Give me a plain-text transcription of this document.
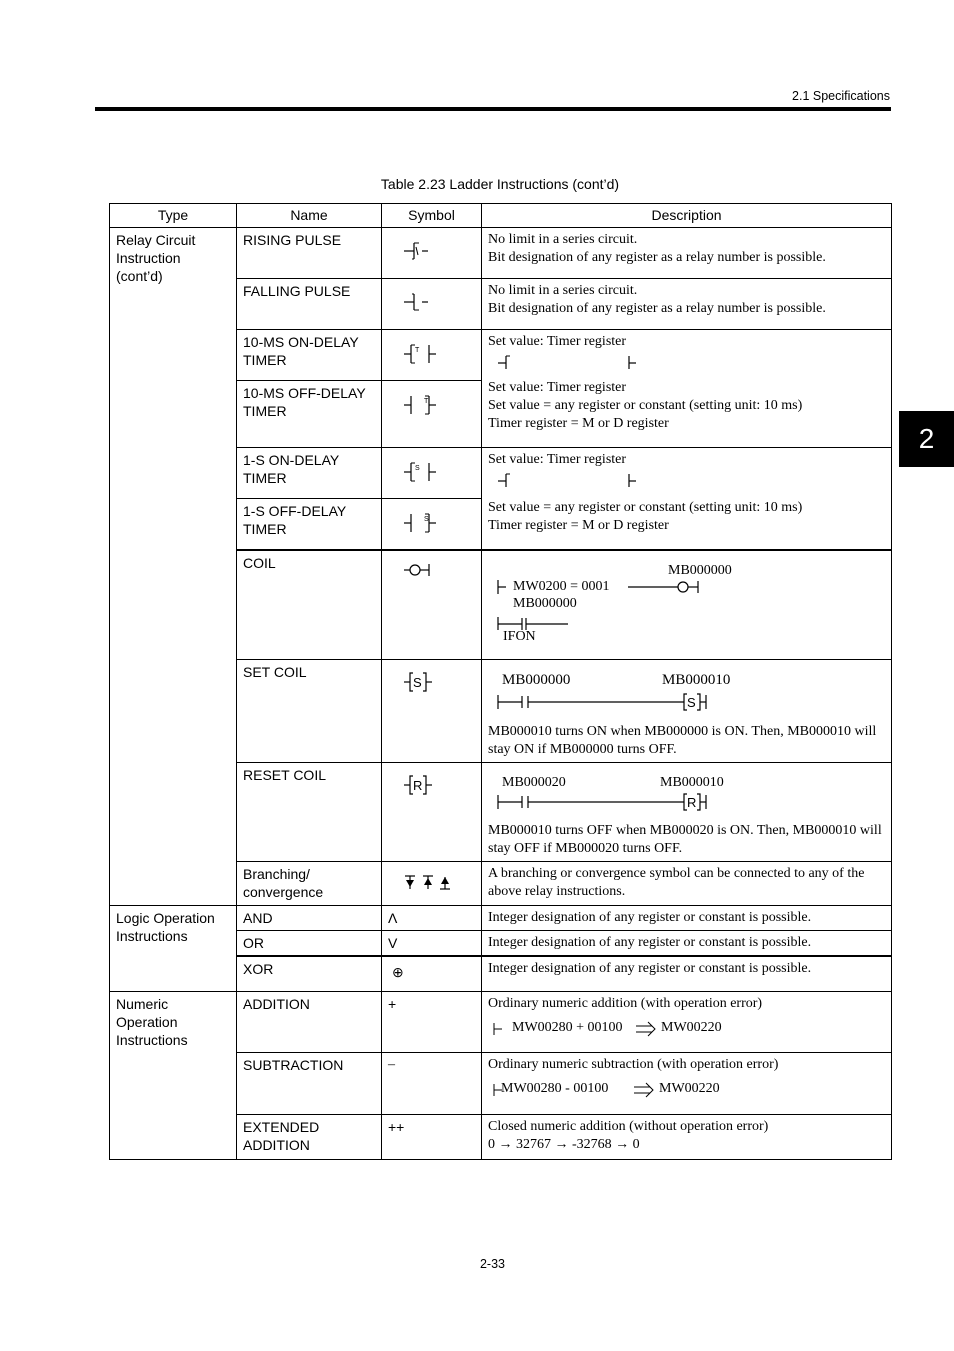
2.1 Specifications
2
Table 2.23 Ladder Instructions (cont’d)
Type	Name	Symbol	Description
Relay Circuit Instruction (cont’d)	RISING PULSE		No limit in a series circuit.
Bit designation of any register as a relay number is possible.

	FALLING PULSE		No limit in a series circuit.
Bit designation of any register as a relay number is possible.

	10-MS ON-DELAY TIMER	T	Set value: Timer register
Set value: Timer register
Set value = any register or constant (setting unit: 10 ms)
Timer register = M or D register

	10-MS OFF-DELAY TIMER	T	

	1-S ON-DELAY TIMER	S	Set value: Timer register
Set value = any register or constant (setting unit: 10 ms)
Timer register = M or D register

	1-S OFF-DELAY TIMER	S	

	COIL		MB000000
MW0200 = 0001
MB000000
IFON

	SET COIL	S	MB000000 MB000010
S
MB000010 turns ON when MB000000 is ON. Then, MB000010 will stay ON if MB000000 turns OFF.

	RESET COIL	R	MB000020 MB000010
R
MB000010 turns OFF when MB000020 is ON. Then, MB000010 will stay OFF if MB000020 turns OFF.

	Branching/ convergence		A branching or convergence symbol can be connected to any of the above relay instructions.
Logic Operation Instructions	AND	Λ	Integer designation of any register or constant is possible.
	OR	V	Integer designation of any register or constant is possible.
	XOR	⊕	Integer designation of any register or constant is possible.
Numeric Operation Instructions	ADDITION	+	Ordinary numeric addition (with operation error)
MW00280 + 00100 MW00220

	SUBTRACTION	–	Ordinary numeric subtraction (with operation error)
MW00280 - 00100 MW00220

	EXTENDED ADDITION	++	Closed numeric addition (without operation error)
0 → 32767 → -32768 → 0
2-33
